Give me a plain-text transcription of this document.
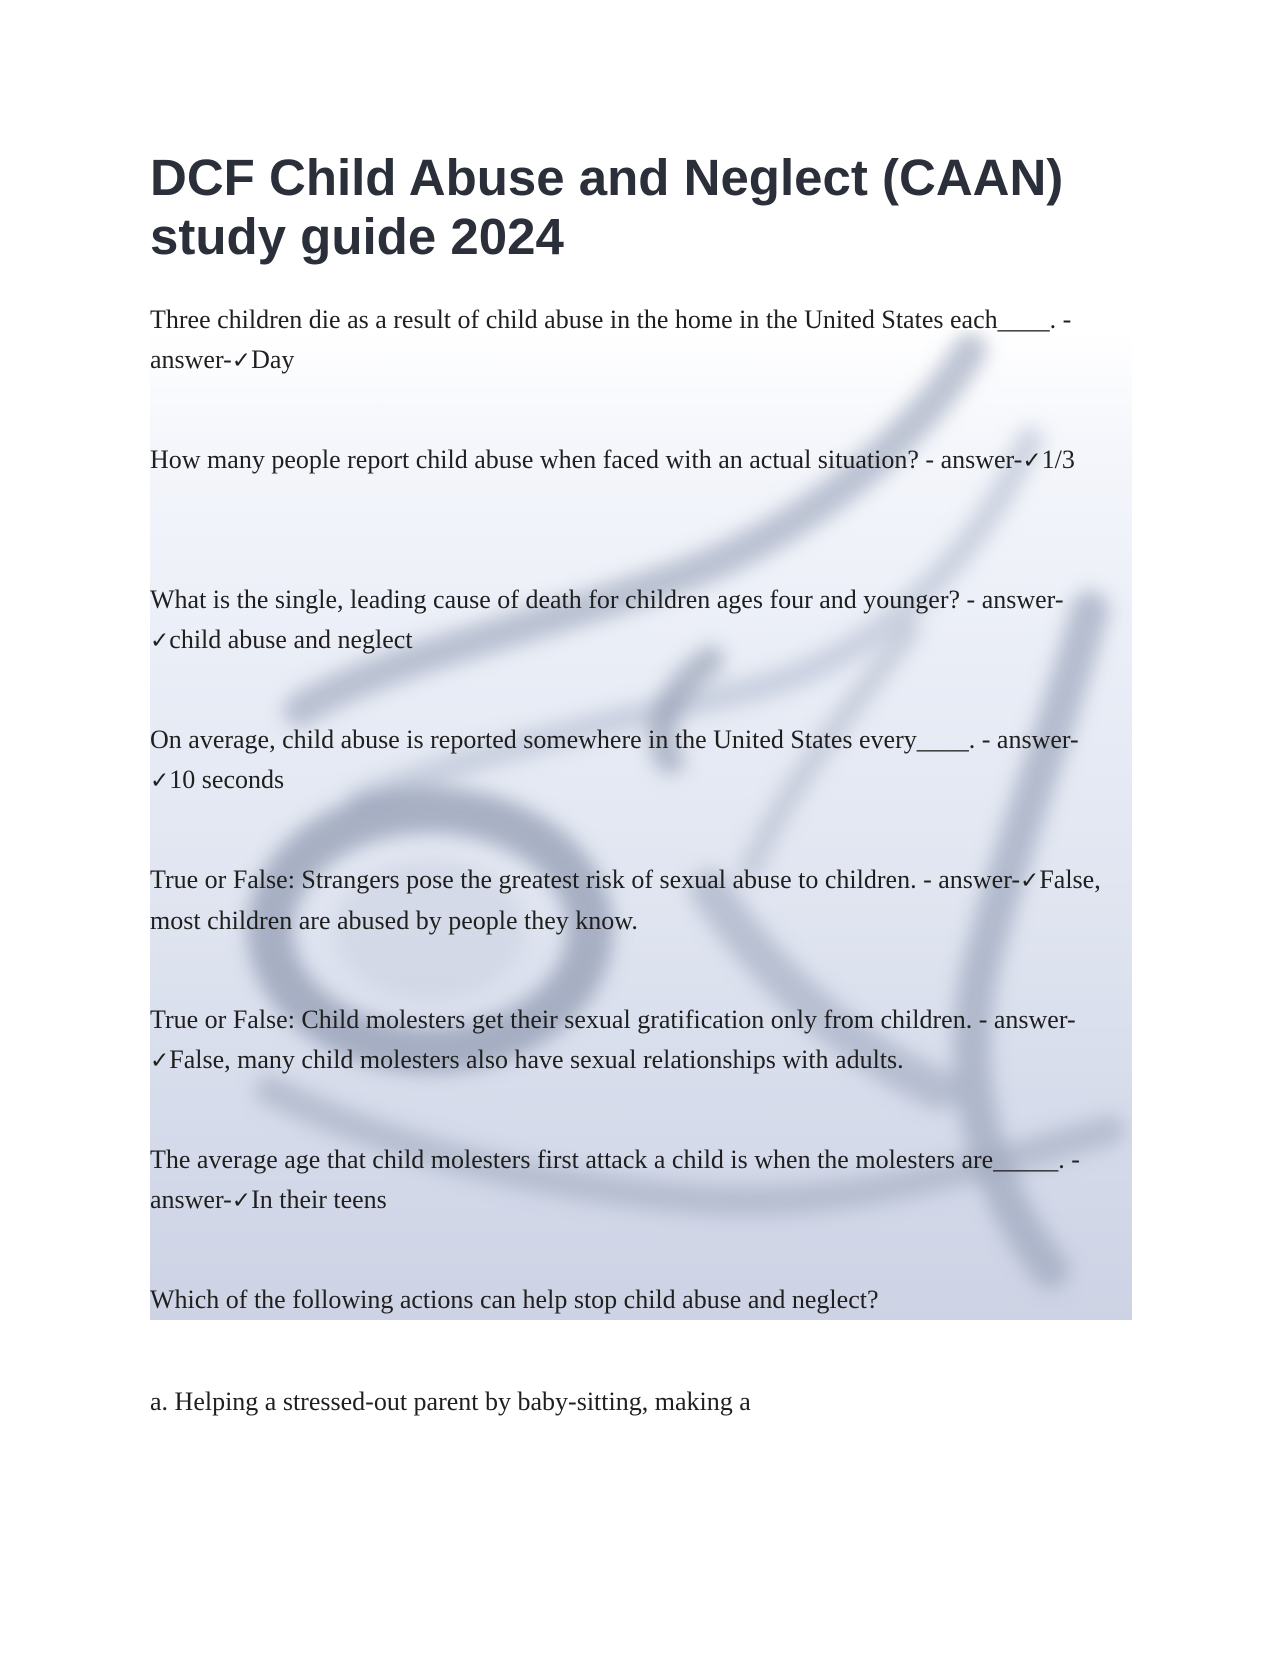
DCF Child Abuse and Neglect (CAAN) study guide 2024

Three children die as a result of child abuse in the home in the United States each____. - answer-✓Day

How many people report child abuse when faced with an actual situation? - answer-✓1/3

What is the single, leading cause of death for children ages four and younger? - answer-✓child abuse and neglect

On average, child abuse is reported somewhere in the United States every____. - answer-✓10 seconds

True or False: Strangers pose the greatest risk of sexual abuse to children. - answer-✓False, most children are abused by people they know.

True or False: Child molesters get their sexual gratification only from children. - answer-✓False, many child molesters also have sexual relationships with adults.

The average age that child molesters first attack a child is when the molesters are_____. - answer-✓In their teens

Which of the following actions can help stop child abuse and neglect?

a. Helping a stressed-out parent by baby-sitting, making a
